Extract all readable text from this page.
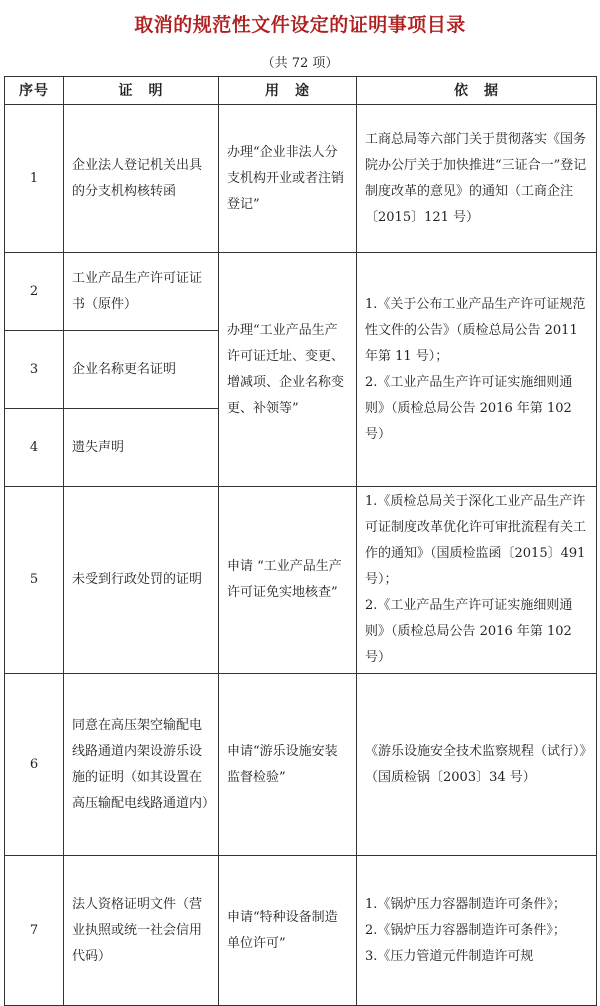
取消的规范性文件设定的证明事项目录
（共 72 项）
序号	证　明	用　途	依　据
1	企业法人登记机关出具的分支机构核转函	办理“企业非法人分支机构开业或者注销登记”	工商总局等六部门关于贯彻落实《国务院办公厅关于加快推进“三证合一”登记制度改革的意见》的通知（工商企注〔2015〕121 号）

2	工业产品生产许可证证书（原件）	办理“工业产品生产许可证迁址、变更、增减项、企业名称变更、补领等”	1.《关于公布工业产品生产许可证规范性文件的公告》（质检总局公告 2011 年第 11 号）；
2.《工业产品生产许可证实施细则通则》（质检总局公告 2016 年第 102 号）

3	企业名称更名证明		
4	遗失声明		
5	未受到行政处罚的证明	申请 “工业产品生产许可证免实地核查”	1.《质检总局关于深化工业产品生产许可证制度改革优化许可审批流程有关工作的通知》（国质检监函〔2015〕491 号）；
2.《工业产品生产许可证实施细则通则》（质检总局公告 2016 年第 102 号）

6	同意在高压架空输配电线路通道内架设游乐设施的证明（如其设置在高压输配电线路通道内）	申请“游乐设施安装监督检验”	《游乐设施安全技术监察规程（试行）》（国质检锅〔2003〕34 号）

7	法人资格证明文件（营业执照或统一社会信用代码）	申请“特种设备制造单位许可”	1.《锅炉压力容器制造许可条件》；
2.《锅炉压力容器制造许可条件》；
3.《压力管道元件制造许可规
